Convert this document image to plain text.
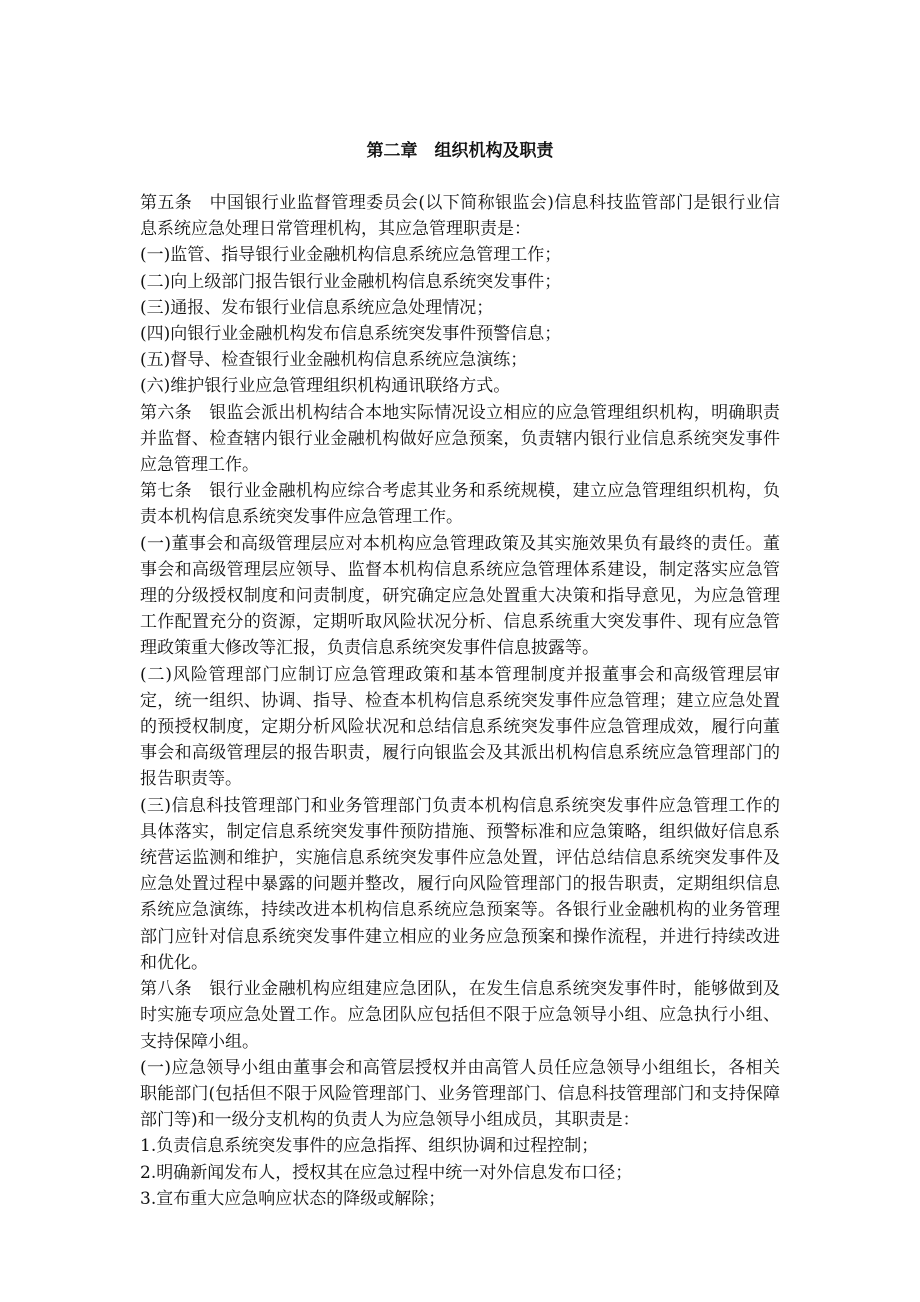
第二章　组织机构及职责

第五条　中国银行业监督管理委员会(以下简称银监会)信息科技监管部门是银行业信息系统应急处理日常管理机构，其应急管理职责是：

(一)监管、指导银行业金融机构信息系统应急管理工作；

(二)向上级部门报告银行业金融机构信息系统突发事件；

(三)通报、发布银行业信息系统应急处理情况；

(四)向银行业金融机构发布信息系统突发事件预警信息；

(五)督导、检查银行业金融机构信息系统应急演练；

(六)维护银行业应急管理组织机构通讯联络方式。

第六条　银监会派出机构结合本地实际情况设立相应的应急管理组织机构，明确职责并监督、检查辖内银行业金融机构做好应急预案，负责辖内银行业信息系统突发事件应急管理工作。

第七条　银行业金融机构应综合考虑其业务和系统规模，建立应急管理组织机构，负责本机构信息系统突发事件应急管理工作。

(一)董事会和高级管理层应对本机构应急管理政策及其实施效果负有最终的责任。董事会和高级管理层应领导、监督本机构信息系统应急管理体系建设，制定落实应急管理的分级授权制度和问责制度，研究确定应急处置重大决策和指导意见，为应急管理工作配置充分的资源，定期听取风险状况分析、信息系统重大突发事件、现有应急管理政策重大修改等汇报，负责信息系统突发事件信息披露等。

(二)风险管理部门应制订应急管理政策和基本管理制度并报董事会和高级管理层审定，统一组织、协调、指导、检查本机构信息系统突发事件应急管理；建立应急处置的预授权制度，定期分析风险状况和总结信息系统突发事件应急管理成效，履行向董事会和高级管理层的报告职责，履行向银监会及其派出机构信息系统应急管理部门的报告职责等。

(三)信息科技管理部门和业务管理部门负责本机构信息系统突发事件应急管理工作的具体落实，制定信息系统突发事件预防措施、预警标准和应急策略，组织做好信息系统营运监测和维护，实施信息系统突发事件应急处置，评估总结信息系统突发事件及应急处置过程中暴露的问题并整改，履行向风险管理部门的报告职责，定期组织信息系统应急演练，持续改进本机构信息系统应急预案等。各银行业金融机构的业务管理部门应针对信息系统突发事件建立相应的业务应急预案和操作流程，并进行持续改进和优化。

第八条　银行业金融机构应组建应急团队，在发生信息系统突发事件时，能够做到及时实施专项应急处置工作。应急团队应包括但不限于应急领导小组、应急执行小组、支持保障小组。

(一)应急领导小组由董事会和高管层授权并由高管人员任应急领导小组组长，各相关职能部门(包括但不限于风险管理部门、业务管理部门、信息科技管理部门和支持保障部门等)和一级分支机构的负责人为应急领导小组成员，其职责是：

1.负责信息系统突发事件的应急指挥、组织协调和过程控制；

2.明确新闻发布人，授权其在应急过程中统一对外信息发布口径；

3.宣布重大应急响应状态的降级或解除；
